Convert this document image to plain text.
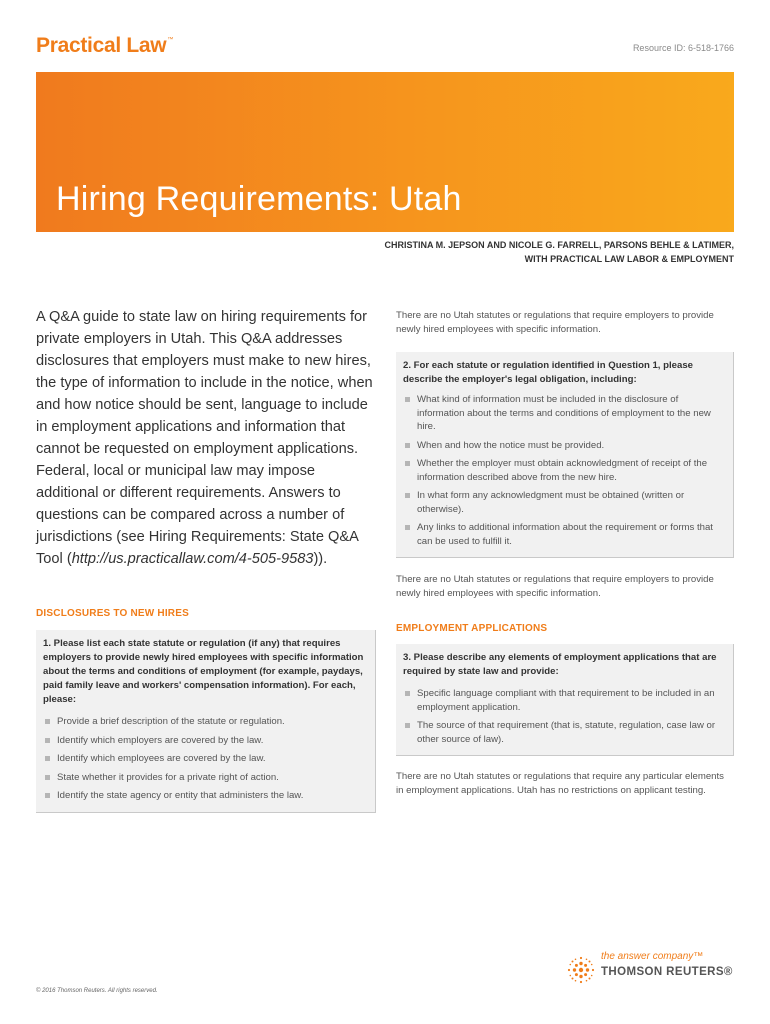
Practical Law™
Resource ID: 6-518-1766
Hiring Requirements: Utah
CHRISTINA M. JEPSON AND NICOLE G. FARRELL, PARSONS BEHLE & LATIMER,
WITH PRACTICAL LAW LABOR & EMPLOYMENT

A Q&A guide to state law on hiring requirements for private employers in Utah. This Q&A addresses disclosures that employers must make to new hires, the type of information to include in the notice, when and how notice should be sent, language to include in employment applications and information that cannot be requested on employment applications. Federal, local or municipal law may impose additional or different requirements. Answers to questions can be compared across a number of jurisdictions (see Hiring Requirements: State Q&A Tool (http://us.practicallaw.com/4-505-9583)).

DISCLOSURES TO NEW HIRES

1. Please list each state statute or regulation (if any) that requires employers to provide newly hired employees with specific information about the terms and conditions of employment (for example, paydays, paid family leave and workers' compensation information). For each, please:

Provide a brief description of the statute or regulation.
Identify which employers are covered by the law.
Identify which employees are covered by the law.
State whether it provides for a private right of action.
Identify the state agency or entity that administers the law.

There are no Utah statutes or regulations that require employers to provide newly hired employees with specific information.

2. For each statute or regulation identified in Question 1, please describe the employer's legal obligation, including:

What kind of information must be included in the disclosure of information about the terms and conditions of employment to the new hire.
When and how the notice must be provided.
Whether the employer must obtain acknowledgment of receipt of the information described above from the new hire.
In what form any acknowledgment must be obtained (written or otherwise).
Any links to additional information about the requirement or forms that can be used to fulfill it.

There are no Utah statutes or regulations that require employers to provide newly hired employees with specific information.

EMPLOYMENT APPLICATIONS

3. Please describe any elements of employment applications that are required by state law and provide:

Specific language compliant with that requirement to be included in an employment application.
The source of that requirement (that is, statute, regulation, case law or other source of law).

There are no Utah statutes or regulations that require any particular elements in employment applications. Utah has no restrictions on applicant testing.

© 2016 Thomson Reuters. All rights reserved.
the answer company™
THOMSON REUTERS®
